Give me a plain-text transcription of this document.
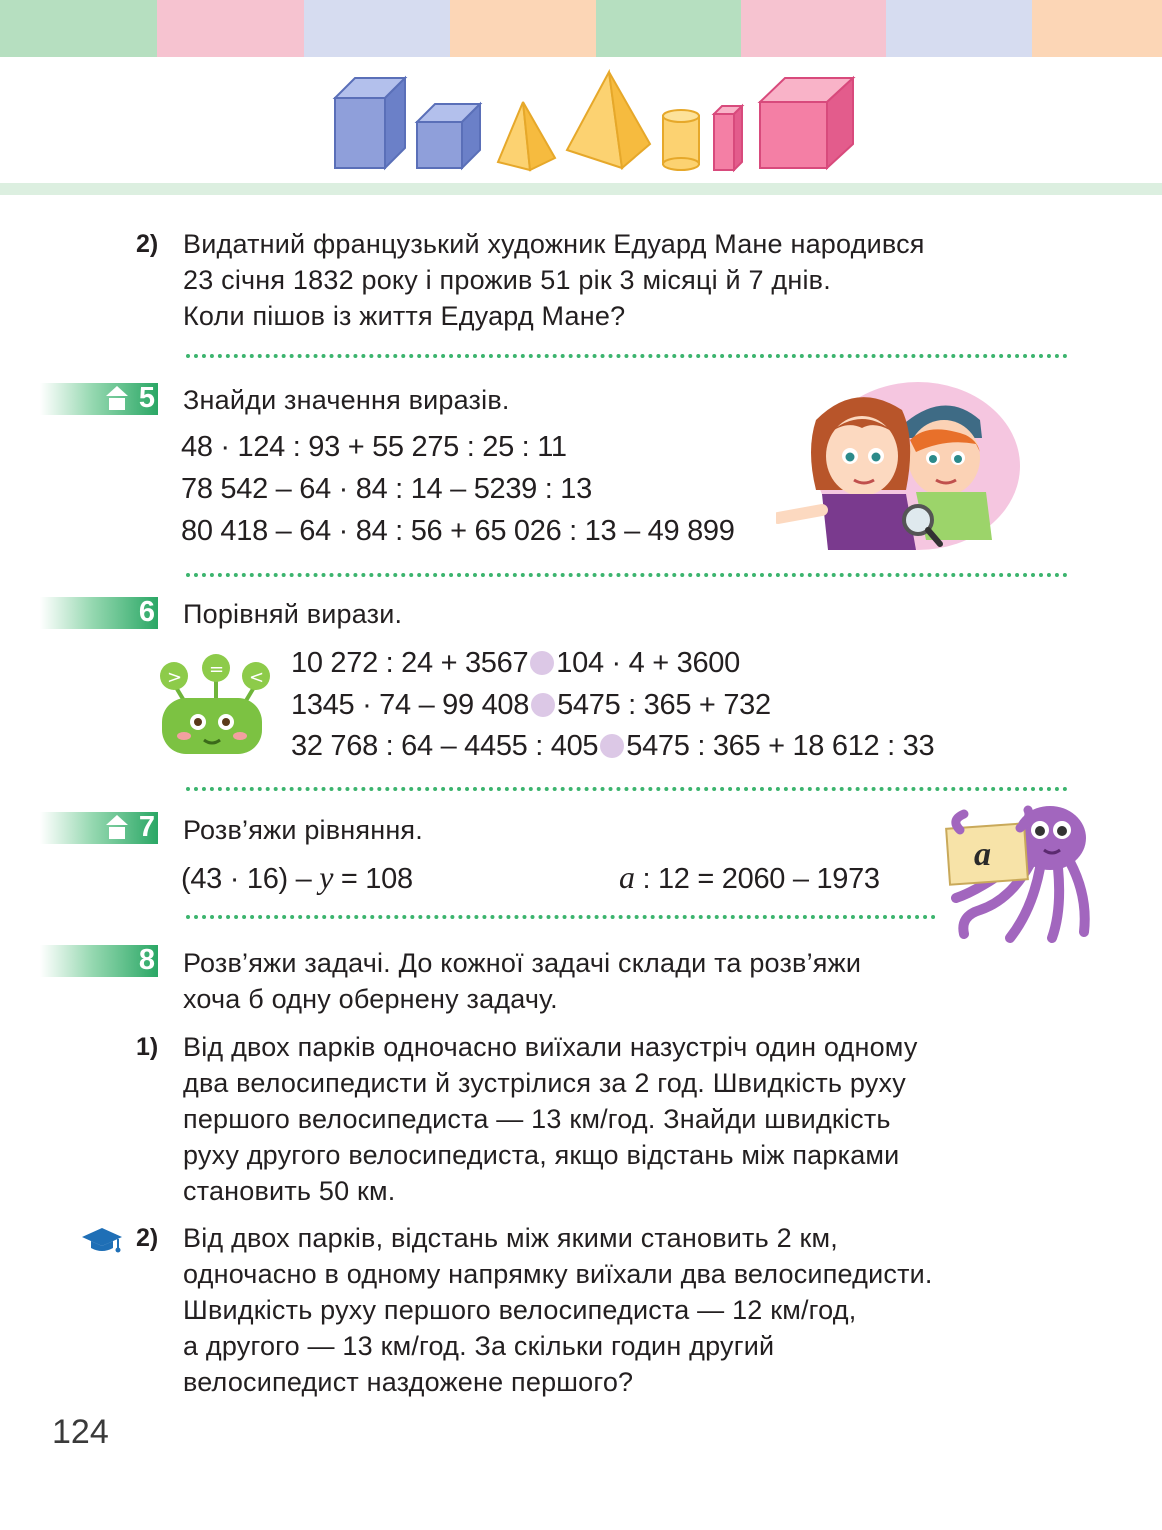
2) Видатний французький художник Едуард Мане народився
23 січня 1832 року і прожив 51 рік 3 місяці й 7 днів.
Коли пішов із життя Едуард Мане?
5 Знайди значення виразів.
48 · 124 : 93 + 55 275 : 25 : 11
78 542 – 64 · 84 : 14 – 5239 : 13
80 418 – 64 · 84 : 56 + 65 026 : 13 – 49 899
6 Порівняй вирази.
> = < 10 272 : 24 + 3567 104 · 4 + 3600
1345 · 74 – 99 408 5475 : 365 + 732
32 768 : 64 – 4455 : 405 5475 : 365 + 18 612 : 33
7 Розв’яжи рівняння.
(43 · 16) – y = 108	a : 12 = 2060 – 1973
a
8 Розв’яжи задачі. До кожної задачі склади та розв’яжи
хоча б одну обернену задачу.
1) Від двох парків одночасно виїхали назустріч один одному
два велосипедисти й зустрілися за 2 год. Швидкість руху
першого велосипедиста — 13 км/год. Знайди швидкість
руху другого велосипедиста, якщо відстань між парками
становить 50 км.
2) Від двох парків, відстань між якими становить 2 км,
одночасно в одному напрямку виїхали два велосипедисти.
Швидкість руху першого велосипедиста — 12 км/год,
а другого — 13 км/год. За скільки годин другий
велосипедист наздожене першого?
124
